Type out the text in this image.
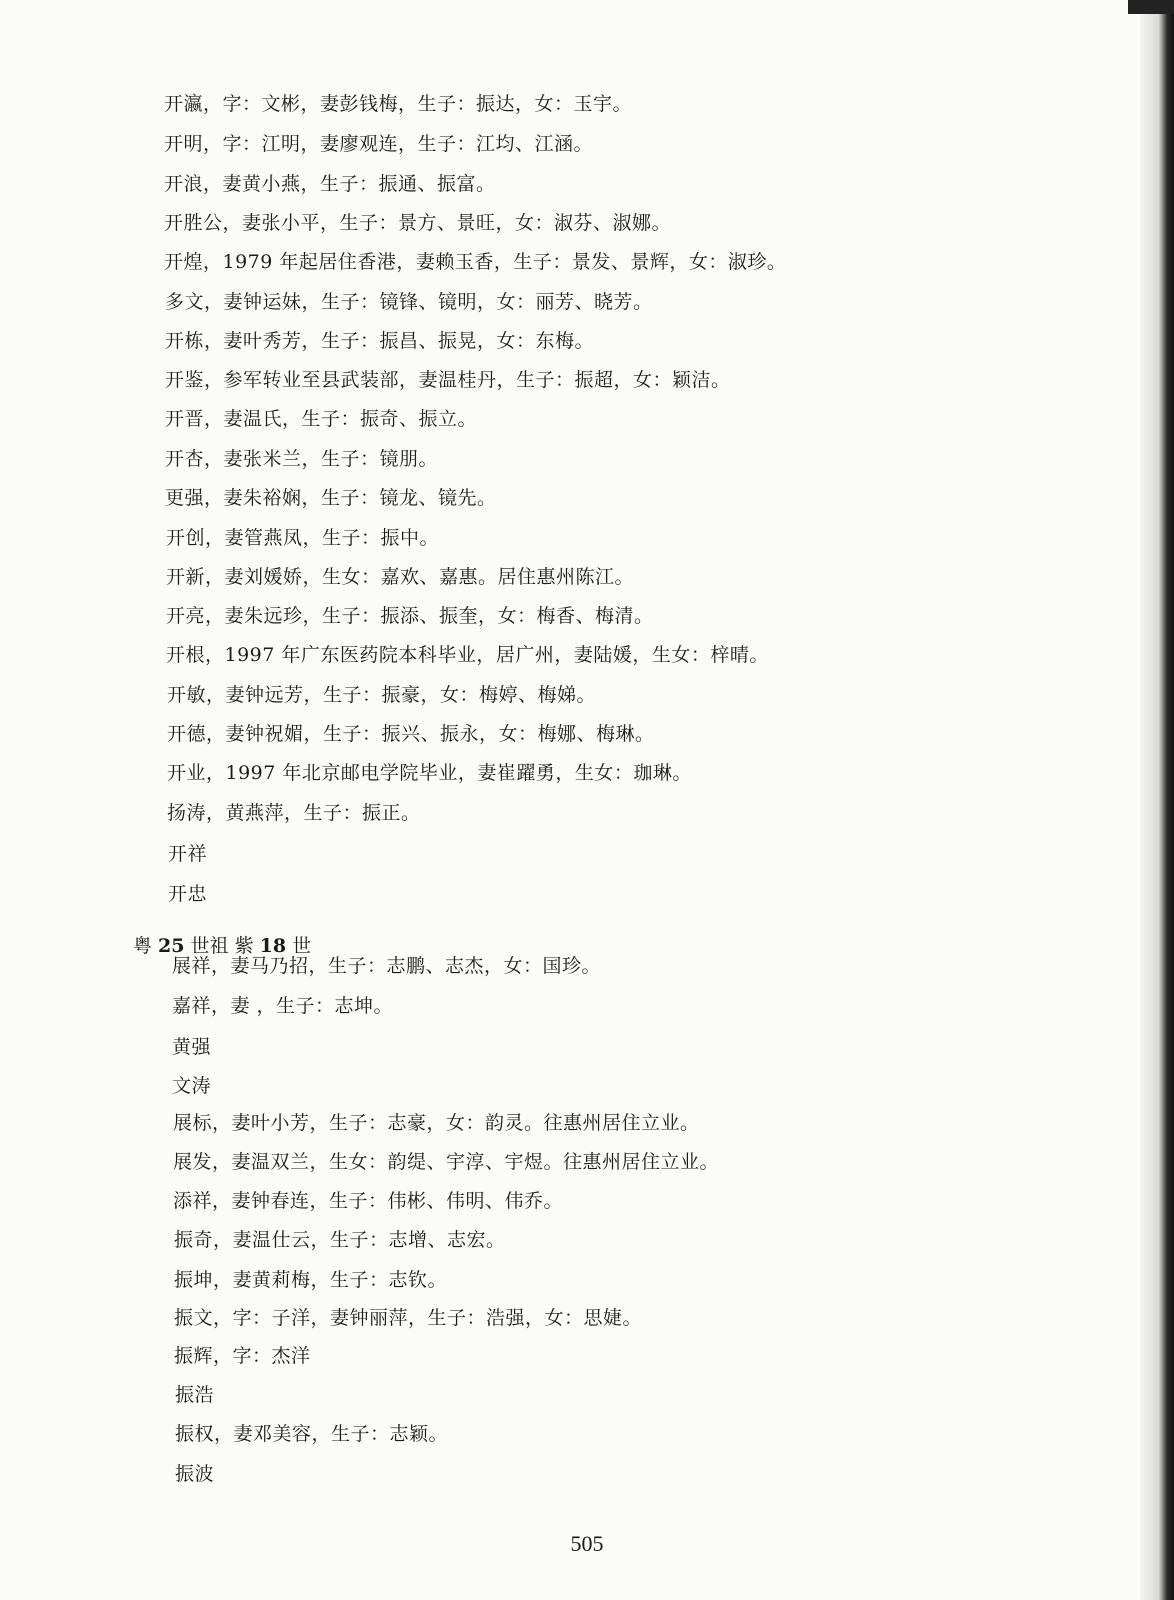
开瀛，字：文彬，妻彭钱梅，生子：振达，女：玉宇。
开明，字：江明，妻廖观连，生子：江均、江涵。
开浪，妻黄小燕，生子：振通、振富。
开胜公，妻张小平，生子：景方、景旺，女：淑芬、淑娜。
开煌，1979 年起居住香港，妻赖玉香，生子：景发、景辉，女：淑珍。
多文，妻钟运妹，生子：镜锋、镜明，女：丽芳、晓芳。
开栋，妻叶秀芳，生子：振昌、振晃，女：东梅。
开鉴，参军转业至县武装部，妻温桂丹，生子：振超，女：颖洁。
开晋，妻温氏，生子：振奇、振立。
开杏，妻张米兰，生子：镜朋。
更强，妻朱裕娴，生子：镜龙、镜先。
开创，妻管燕凤，生子：振中。
开新，妻刘媛娇，生女：嘉欢、嘉惠。居住惠州陈江。
开亮，妻朱远珍，生子：振添、振奎，女：梅香、梅清。
开根，1997 年广东医药院本科毕业，居广州，妻陆媛，生女：梓晴。
开敏，妻钟远芳，生子：振豪，女：梅婷、梅娣。
开德，妻钟祝媚，生子：振兴、振永，女：梅娜、梅琳。
开业，1997 年北京邮电学院毕业，妻崔躍勇，生女：珈琳。
扬涛，黄燕萍，生子：振正。
开祥
开忠
粤 25 世祖 紫 18 世
展祥，妻马乃招，生子：志鹏、志杰，女：国珍。
嘉祥，妻 ，生子：志坤。
黄强
文涛
展标，妻叶小芳，生子：志豪，女：韵灵。往惠州居住立业。
展发，妻温双兰，生女：韵缇、宇淳、宇煜。往惠州居住立业。
添祥，妻钟春连，生子：伟彬、伟明、伟乔。
振奇，妻温仕云，生子：志增、志宏。
振坤，妻黄莉梅，生子：志钦。
振文，字：子洋，妻钟丽萍，生子：浩强，女：思婕。
振辉，字：杰洋
振浩
振权，妻邓美容，生子：志颖。
振波
505
